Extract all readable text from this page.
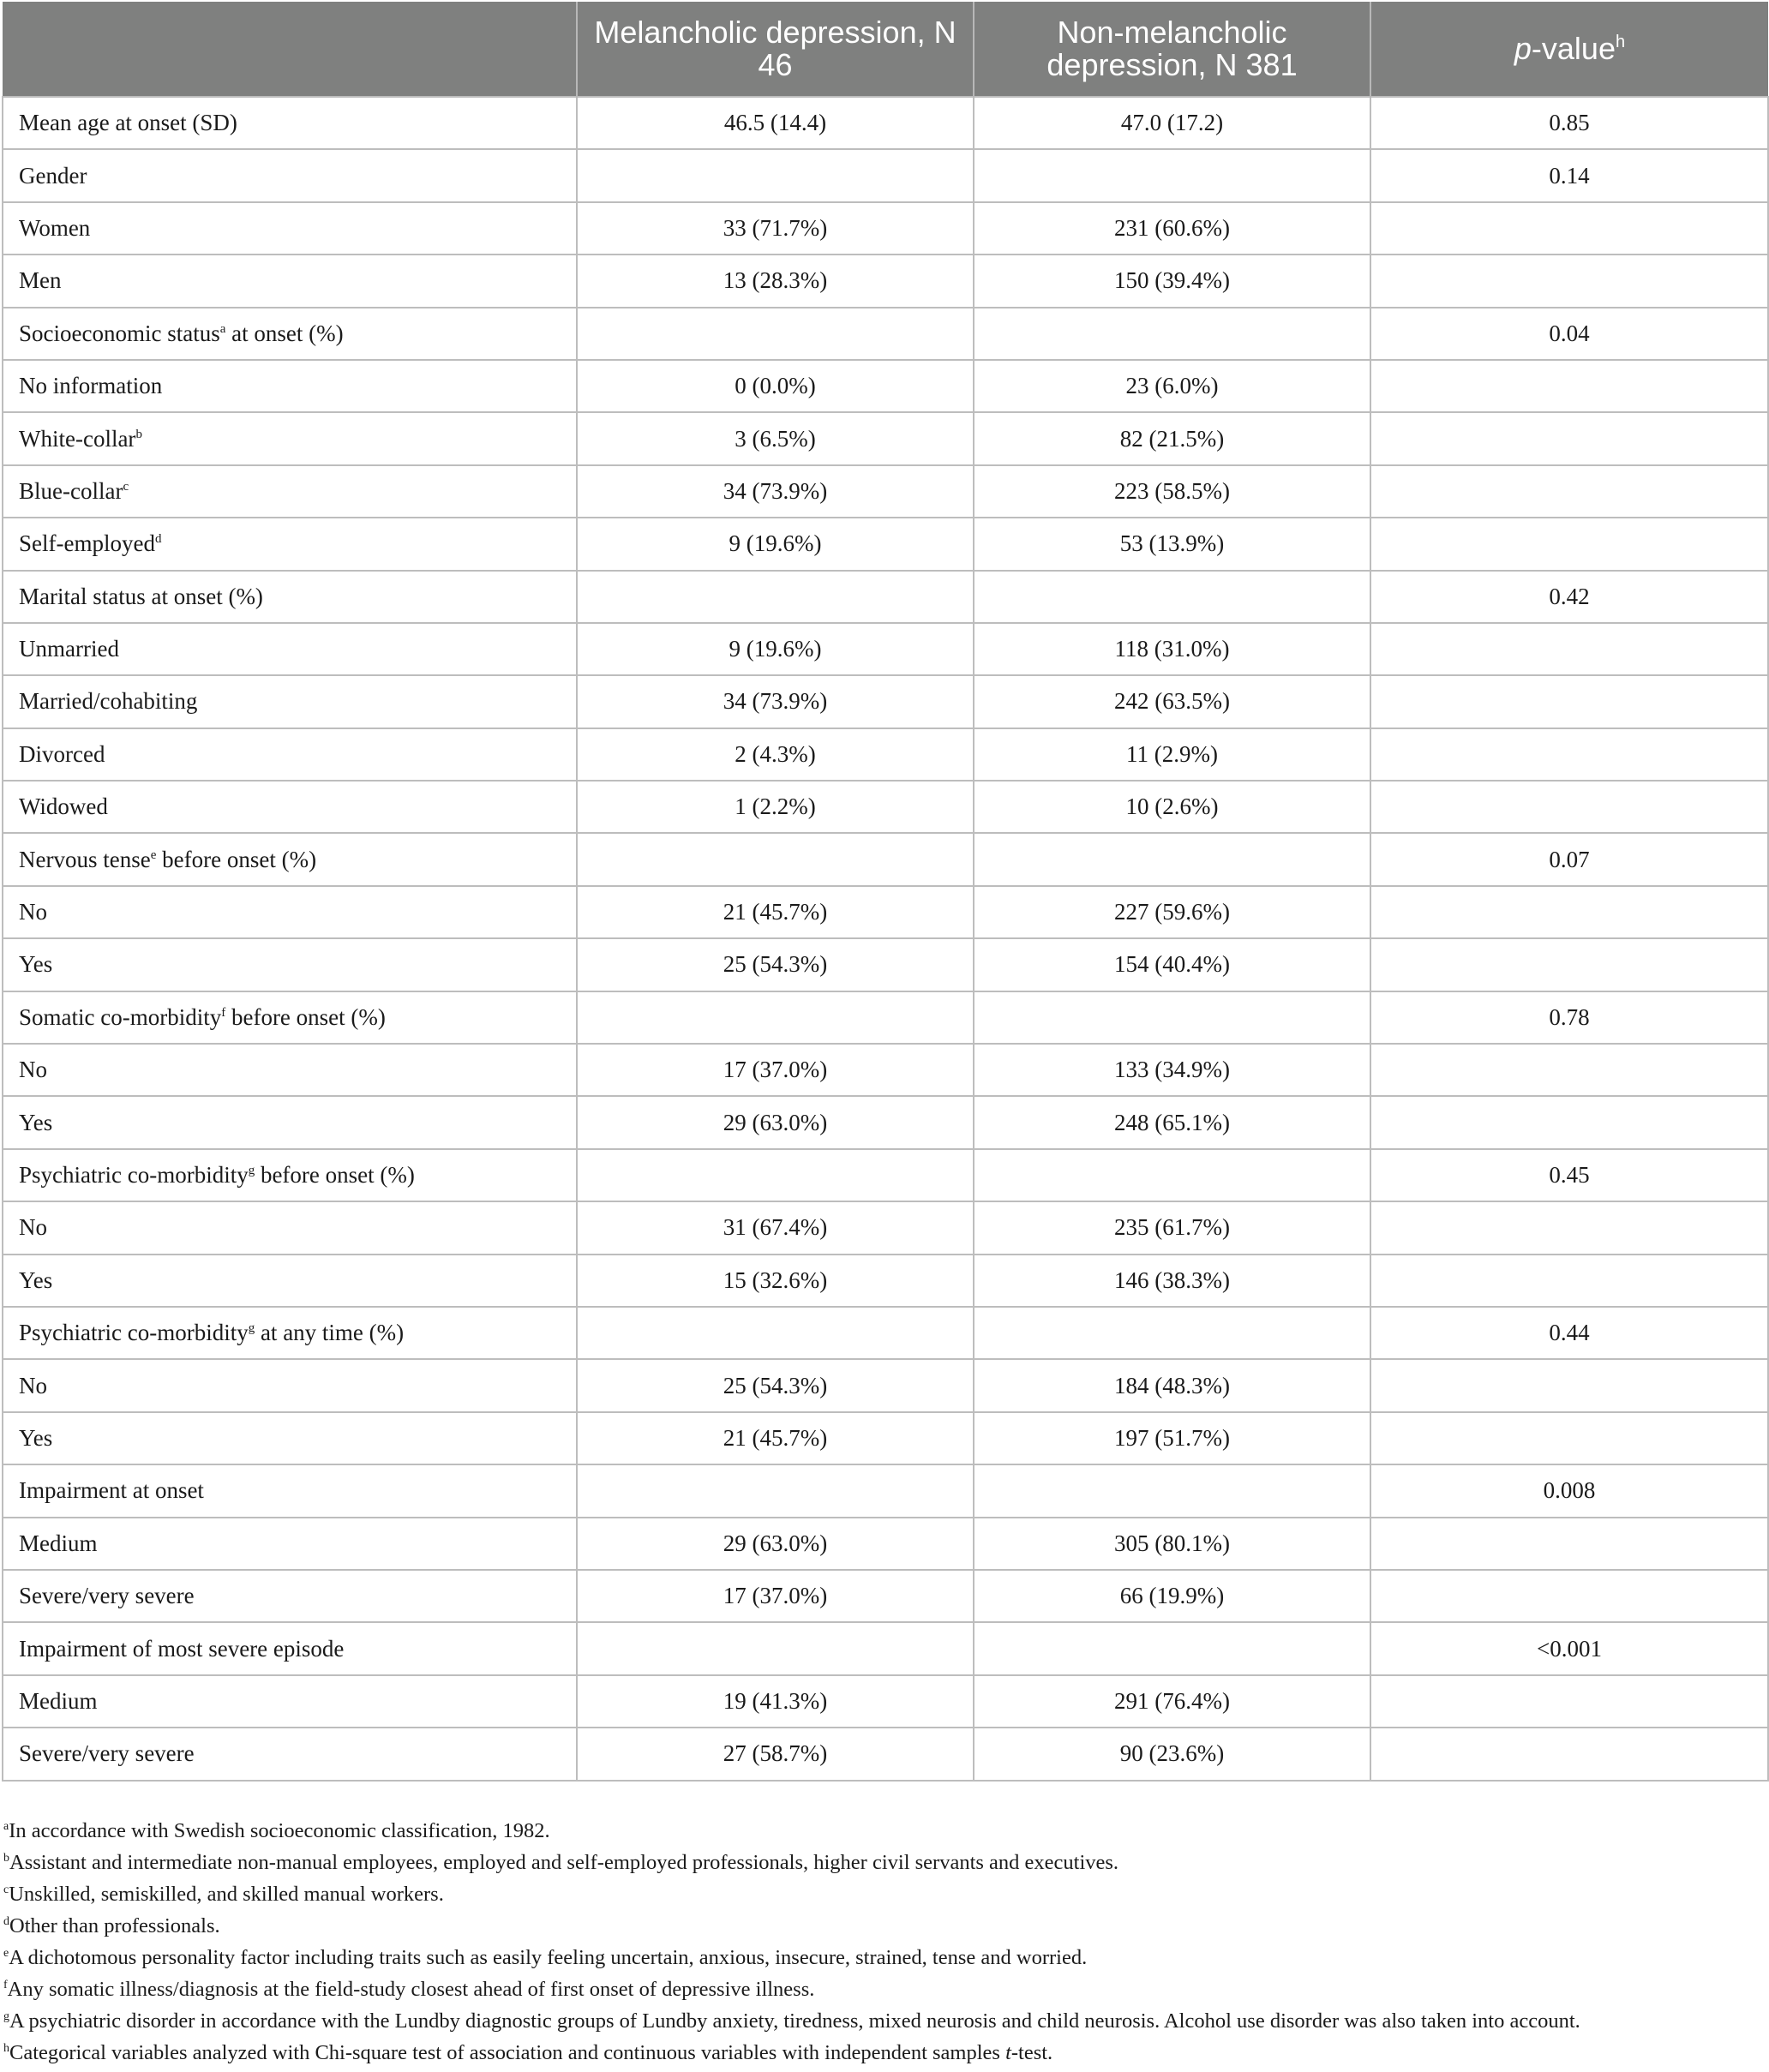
	Melancholic depression, N 46	Non-melancholic depression, N 381	p-value$^h$
Mean age at onset (SD)	46.5 (14.4)	47.0 (17.2)	0.85
Gender			0.14
Women	33 (71.7%)	231 (60.6%)	
Men	13 (28.3%)	150 (39.4%)	
Socioeconomic status$^a$ at onset (%)			0.04
No information	0 (0.0%)	23 (6.0%)	
White-collar$^b$	3 (6.5%)	82 (21.5%)	
Blue-collar$^c$	34 (73.9%)	223 (58.5%)	
Self-employed$^d$	9 (19.6%)	53 (13.9%)	
Marital status at onset (%)			0.42
Unmarried	9 (19.6%)	118 (31.0%)	
Married/cohabiting	34 (73.9%)	242 (63.5%)	
Divorced	2 (4.3%)	11 (2.9%)	
Widowed	1 (2.2%)	10 (2.6%)	
Nervous tense$^e$ before onset (%)			0.07
No	21 (45.7%)	227 (59.6%)	
Yes	25 (54.3%)	154 (40.4%)	
Somatic co-morbidity$^f$ before onset (%)			0.78
No	17 (37.0%)	133 (34.9%)	
Yes	29 (63.0%)	248 (65.1%)	
Psychiatric co-morbidity$^g$ before onset (%)			0.45
No	31 (67.4%)	235 (61.7%)	
Yes	15 (32.6%)	146 (38.3%)	
Psychiatric co-morbidity$^g$ at any time (%)			0.44
No	25 (54.3%)	184 (48.3%)	
Yes	21 (45.7%)	197 (51.7%)	
Impairment at onset			0.008
Medium	29 (63.0%)	305 (80.1%)	
Severe/very severe	17 (37.0%)	66 (19.9%)	
Impairment of most severe episode			<0.001
Medium	19 (41.3%)	291 (76.4%)	
Severe/very severe	27 (58.7%)	90 (23.6%)	
$^a$In accordance with Swedish socioeconomic classification, 1982.
$^b$Assistant and intermediate non-manual employees, employed and self-employed professionals, higher civil servants and executives.
$^c$Unskilled, semiskilled, and skilled manual workers.
$^d$Other than professionals.
$^e$A dichotomous personality factor including traits such as easily feeling uncertain, anxious, insecure, strained, tense and worried.
$^f$Any somatic illness/diagnosis at the field-study closest ahead of first onset of depressive illness.
$^g$A psychiatric disorder in accordance with the Lundby diagnostic groups of Lundby anxiety, tiredness, mixed neurosis and child neurosis. Alcohol use disorder was also taken into account.
$^h$Categorical variables analyzed with Chi-square test of association and continuous variables with independent samples t-test.
